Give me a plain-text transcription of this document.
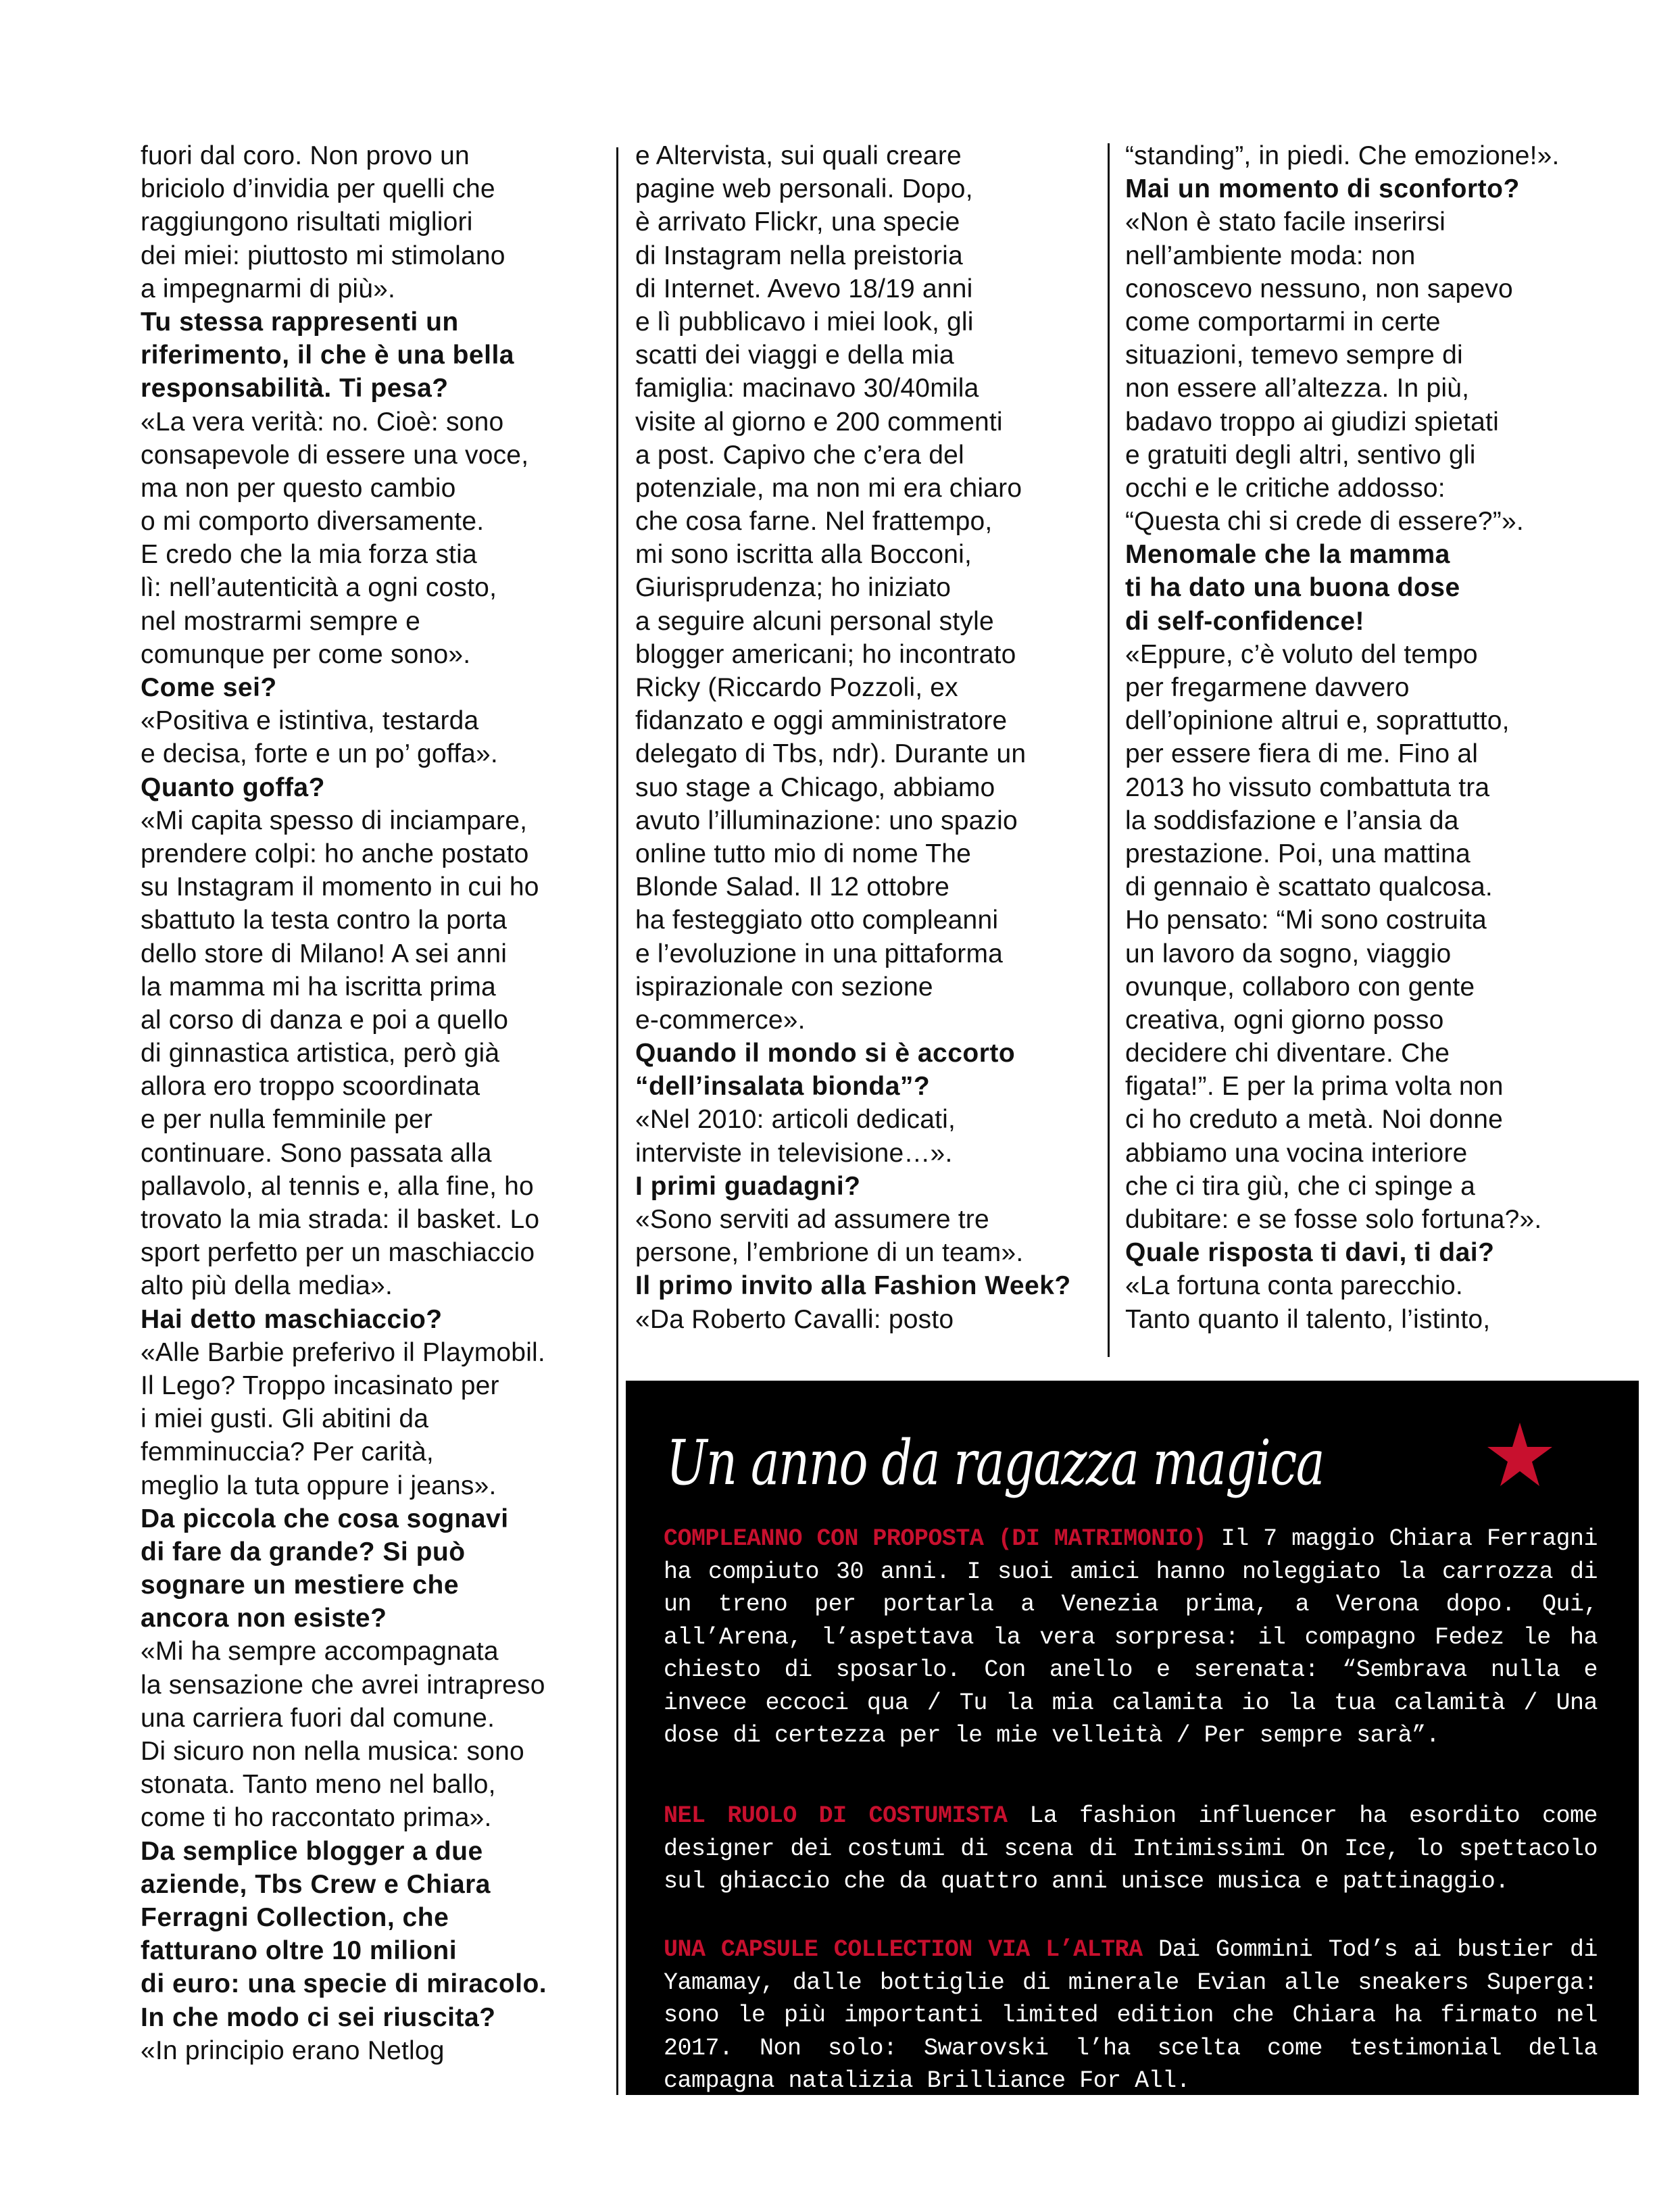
fuori dal coro. Non provo un
briciolo d’invidia per quelli che
raggiungono risultati migliori
dei miei: piuttosto mi stimolano
a impegnarmi di più».
Tu stessa rappresenti un
riferimento, il che è una bella
responsabilità. Ti pesa?
«La vera verità: no. Cioè: sono
consapevole di essere una voce,
ma non per questo cambio
o mi comporto diversamente.
E credo che la mia forza stia
lì: nell’autenticità a ogni costo,
nel mostrarmi sempre e
comunque per come sono».
Come sei?
«Positiva e istintiva, testarda
e decisa, forte e un po’ goffa».
Quanto goffa?
«Mi capita spesso di inciampare,
prendere colpi: ho anche postato
su Instagram il momento in cui ho
sbattuto la testa contro la porta
dello store di Milano! A sei anni
la mamma mi ha iscritta prima
al corso di danza e poi a quello
di ginnastica artistica, però già
allora ero troppo scoordinata
e per nulla femminile per
continuare. Sono passata alla
pallavolo, al tennis e, alla fine, ho
trovato la mia strada: il basket. Lo
sport perfetto per un maschiaccio
alto più della media».
Hai detto maschiaccio?
«Alle Barbie preferivo il Playmobil.
Il Lego? Troppo incasinato per
i miei gusti. Gli abitini da
femminuccia? Per carità,
meglio la tuta oppure i jeans».
Da piccola che cosa sognavi
di fare da grande? Si può
sognare un mestiere che
ancora non esiste?
«Mi ha sempre accompagnata
la sensazione che avrei intrapreso
una carriera fuori dal comune.
Di sicuro non nella musica: sono
stonata. Tanto meno nel ballo,
come ti ho raccontato prima».
Da semplice blogger a due
aziende, Tbs Crew e Chiara
Ferragni Collection, che
fatturano oltre 10 milioni
di euro: una specie di miracolo.
In che modo ci sei riuscita?
«In principio erano Netlog
e Altervista, sui quali creare
pagine web personali. Dopo,
è arrivato Flickr, una specie
di Instagram nella preistoria
di Internet. Avevo 18/19 anni
e lì pubblicavo i miei look, gli
scatti dei viaggi e della mia
famiglia: macinavo 30/40mila
visite al giorno e 200 commenti
a post. Capivo che c’era del
potenziale, ma non mi era chiaro
che cosa farne. Nel frattempo,
mi sono iscritta alla Bocconi,
Giurisprudenza; ho iniziato
a seguire alcuni personal style
blogger americani; ho incontrato
Ricky (Riccardo Pozzoli, ex
fidanzato e oggi amministratore
delegato di Tbs, ndr). Durante un
suo stage a Chicago, abbiamo
avuto l’illuminazione: uno spazio
online tutto mio di nome The
Blonde Salad. Il 12 ottobre
ha festeggiato otto compleanni
e l’evoluzione in una pittaforma
ispirazionale con sezione
e-commerce».
Quando il mondo si è accorto
“dell’insalata bionda”?
«Nel 2010: articoli dedicati,
interviste in televisione…».
I primi guadagni?
«Sono serviti ad assumere tre
persone, l’embrione di un team».
Il primo invito alla Fashion Week?
«Da Roberto Cavalli: posto
“standing”, in piedi. Che emozione!».
Mai un momento di sconforto?
«Non è stato facile inserirsi
nell’ambiente moda: non
conoscevo nessuno, non sapevo
come comportarmi in certe
situazioni, temevo sempre di
non essere all’altezza. In più,
badavo troppo ai giudizi spietati
e gratuiti degli altri, sentivo gli
occhi e le critiche addosso:
“Questa chi si crede di essere?”».
Menomale che la mamma
ti ha dato una buona dose
di self-confidence!
«Eppure, c’è voluto del tempo
per fregarmene davvero
dell’opinione altrui e, soprattutto,
per essere fiera di me. Fino al
2013 ho vissuto combattuta tra
la soddisfazione e l’ansia da
prestazione. Poi, una mattina
di gennaio è scattato qualcosa.
Ho pensato: “Mi sono costruita
un lavoro da sogno, viaggio
ovunque, collaboro con gente
creativa, ogni giorno posso
decidere chi diventare. Che
figata!”. E per la prima volta non
ci ho creduto a metà. Noi donne
abbiamo una vocina interiore
che ci tira giù, che ci spinge a
dubitare: e se fosse solo fortuna?».
Quale risposta ti davi, ti dai?
«La fortuna conta parecchio.
Tanto quanto il talento, l’istinto,
Un anno da ragazza magica
COMPLEANNO CON PROPOSTA (DI MATRIMONIO) Il 7 maggio Chiara Ferragni ha compiuto 30 anni. I suoi amici hanno noleggiato la carrozza di un treno per portarla a Venezia prima, a Verona dopo. Qui, all’Arena, l’aspettava la vera sorpresa: il compagno Fedez le ha chiesto di sposarlo. Con anello e serenata: “Sembrava nulla e invece eccoci qua / Tu la mia calamita io la tua calamità / Una dose di certezza per le mie velleità / Per sempre sarà”.
NEL RUOLO DI COSTUMISTA La fashion influencer ha esordito come designer dei costumi di scena di Intimissimi On Ice, lo spettacolo sul ghiaccio che da quattro anni unisce musica e pattinaggio.
UNA CAPSULE COLLECTION VIA L’ALTRA Dai Gommini Tod’s ai bustier di Yamamay, dalle bottiglie di minerale Evian alle sneakers Superga: sono le più importanti limited edition che Chiara ha firmato nel 2017. Non solo: Swarovski l’ha scelta come testimonial della campagna natalizia Brilliance For All.
